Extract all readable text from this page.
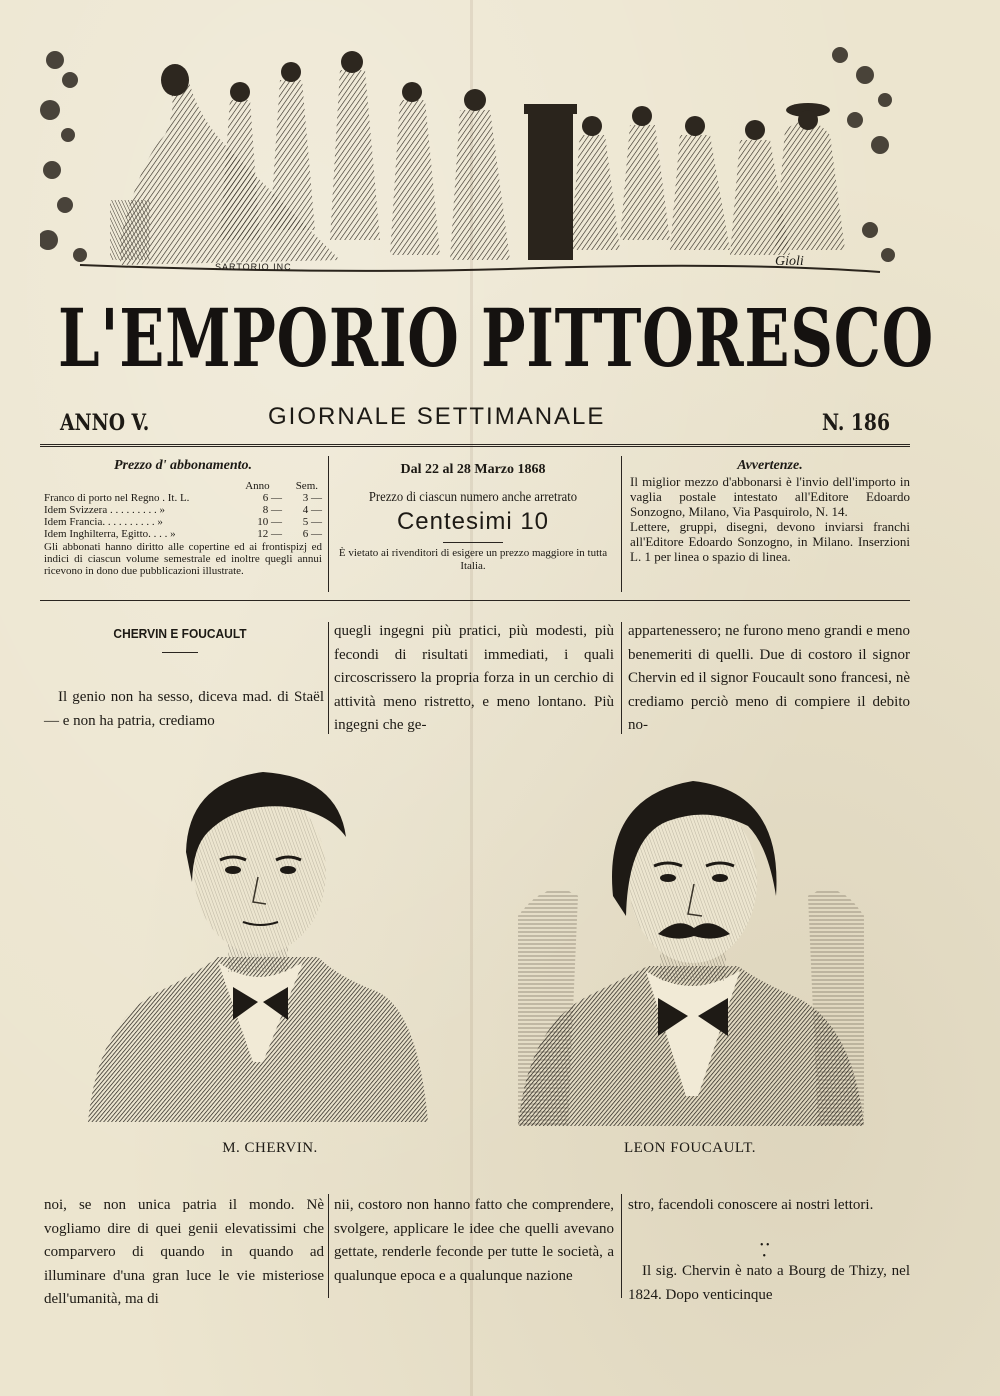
SARTORIO INC	Gioli
L'EMPORIO PITTORESCO
ANNO V.	GIORNALE SETTIMANALE	N. 186
Prezzo d' abbonamento.
Anno Sem.
Franco di porto nel Regno . It. L.	6 —	3 —
Idem Svizzera . . . . . . . . . »	8 —	4 —
Idem Francia. . . . . . . . . . »	10 —	5 —
Idem Inghilterra, Egitto. . . . »	12 —	6 —
Gli abbonati hanno diritto alle copertine ed ai frontispizj ed indici di ciascun volume semestrale ed inoltre quegli annui ricevono in dono due pubblicazioni illustrate.
Dal 22 al 28 Marzo 1868
Prezzo di ciascun numero anche arretrato
Centesimi 10
È vietato ai rivenditori di esigere un prezzo maggiore in tutta Italia.
Avvertenze.

Il miglior mezzo d'abbonarsi è l'invio dell'importo in vaglia postale intestato all'Editore Edoardo Sonzogno, Milano, Via Pasquirolo, N. 14.

Lettere, gruppi, disegni, devono inviarsi franchi all'Editore Edoardo Sonzogno, in Milano. Inserzioni L. 1 per linea o spazio di linea.

CHERVIN E FOUCAULT
Il genio non ha sesso, diceva mad. di Staël — e non ha patria, crediamo
quegli ingegni più pratici, più modesti, più fecondi di risultati immediati, i quali circoscrissero la propria forza in un cerchio di attività meno ristretto, e meno lontano. Più ingegni che ge-
appartenessero; ne furono meno grandi e meno benemeriti di quelli. Due di costoro il signor Chervin ed il signor Foucault sono francesi, nè crediamo perciò meno di compiere il debito no-
M. CHERVIN.	LEON FOUCAULT.
noi, se non unica patria il mondo. Nè vogliamo dire di quei genii elevatissimi che comparvero di quando in quando ad illuminare d'una gran luce le vie misteriose dell'umanità, ma di
nii, costoro non hanno fatto che comprendere, svolgere, applicare le idee che quelli avevano gettate, renderle feconde per tutte le società, a qualunque epoca e a qualunque nazione
stro, facendoli conoscere ai nostri lettori.
• •
•
Il sig. Chervin è nato a Bourg de Thizy, nel 1824. Dopo venticinque
